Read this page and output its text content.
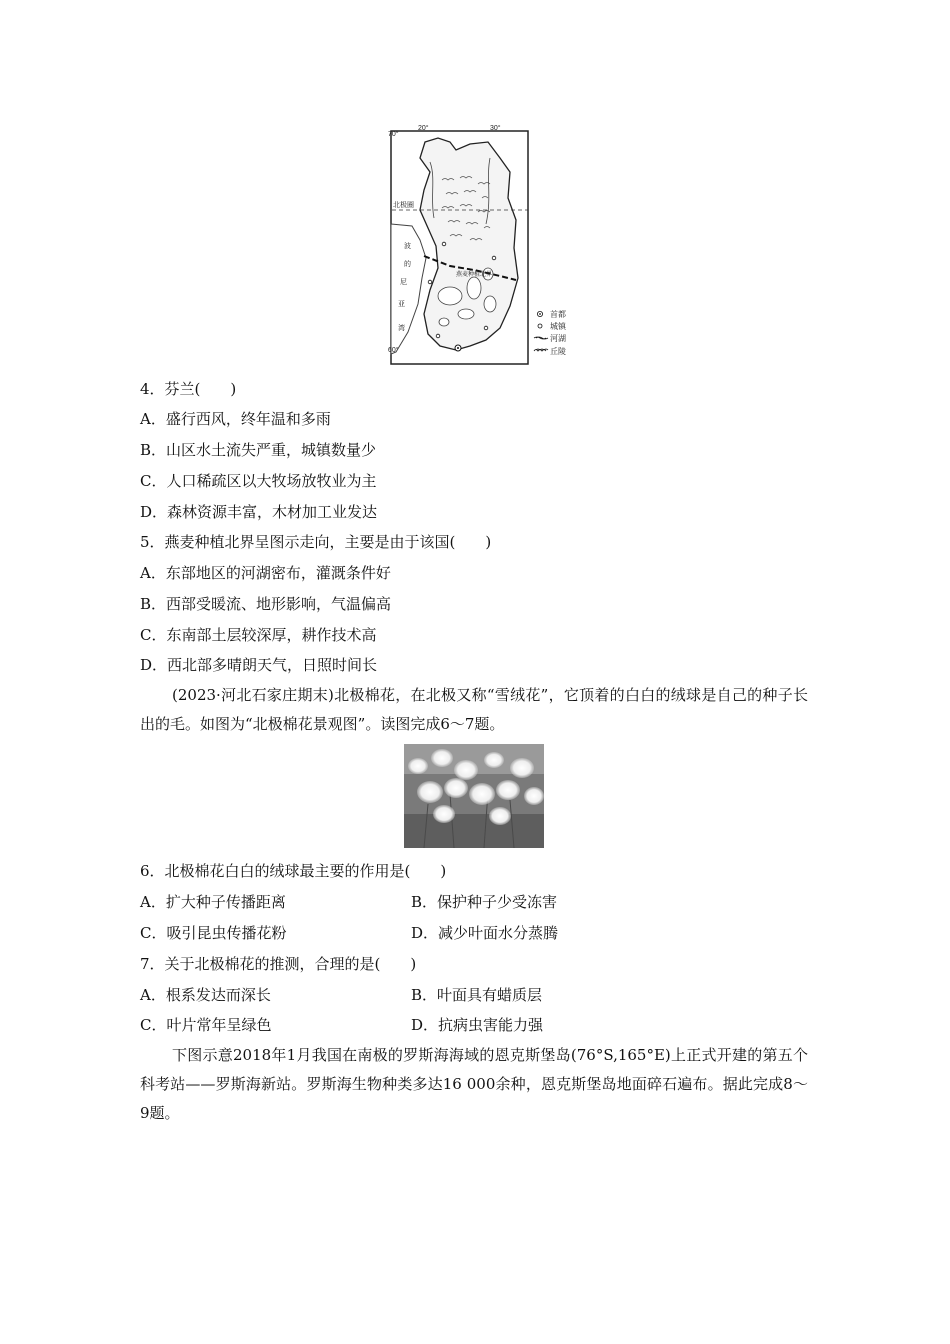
70°
60°
20°	30°
北极圈
燕麦种植北界
波
的
尼
亚
湾
首都
城镇
河湖
丘陵
4．芬兰(　　)
A．盛行西风，终年温和多雨
B．山区水土流失严重，城镇数量少
C．人口稀疏区以大牧场放牧业为主
D．森林资源丰富，木材加工业发达
5．燕麦种植北界呈图示走向，主要是由于该国(　　)
A．东部地区的河湖密布，灌溉条件好
B．西部受暖流、地形影响，气温偏高
C．东南部土层较深厚，耕作技术高
D．西北部多晴朗天气，日照时间长
(2023·河北石家庄期末)北极棉花，在北极又称“雪绒花”，它顶着的白白的绒球是自己的种子长出的毛。如图为“北极棉花景观图”。读图完成6～7题。
6．北极棉花白白的绒球最主要的作用是(　　)
A．扩大种子传播距离	B．保护种子少受冻害
C．吸引昆虫传播花粉	D．减少叶面水分蒸腾
7．关于北极棉花的推测，合理的是(　　)
A．根系发达而深长	B．叶面具有蜡质层
C．叶片常年呈绿色	D．抗病虫害能力强
下图示意2018年1月我国在南极的罗斯海海域的恩克斯堡岛(76°S,165°E)上正式开建的第五个科考站——罗斯海新站。罗斯海生物种类多达16 000余种，恩克斯堡岛地面碎石遍布。据此完成8～9题。
